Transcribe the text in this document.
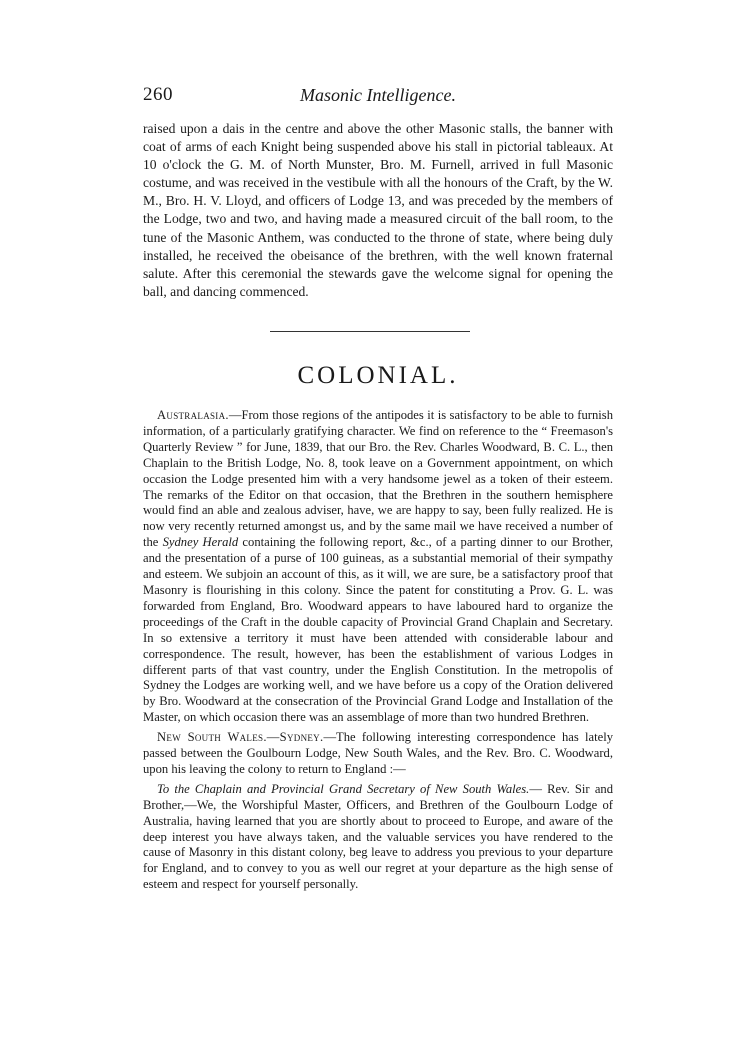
260	Masonic Intelligence.

raised upon a dais in the centre and above the other Masonic stalls, the banner with coat of arms of each Knight being suspended above his stall in pictorial tableaux. At 10 o'clock the G. M. of North Munster, Bro. M. Furnell, arrived in full Masonic costume, and was received in the vestibule with all the honours of the Craft, by the W. M., Bro. H. V. Lloyd, and officers of Lodge 13, and was preceded by the members of the Lodge, two and two, and having made a measured circuit of the ball room, to the tune of the Masonic Anthem, was conducted to the throne of state, where being duly installed, he received the obeisance of the brethren, with the well known fraternal salute. After this ceremonial the stewards gave the welcome signal for opening the ball, and dancing commenced.

COLONIAL.

Australasia.—From those regions of the antipodes it is satisfactory to be able to furnish information, of a particularly gratifying character. We find on reference to the “ Freemason's Quarterly Review ” for June, 1839, that our Bro. the Rev. Charles Woodward, B. C. L., then Chaplain to the British Lodge, No. 8, took leave on a Government appointment, on which occasion the Lodge presented him with a very handsome jewel as a token of their esteem. The remarks of the Editor on that occasion, that the Brethren in the southern hemisphere would find an able and zealous adviser, have, we are happy to say, been fully realized. He is now very recently returned amongst us, and by the same mail we have received a number of the Sydney Herald containing the following report, &c., of a parting dinner to our Brother, and the presentation of a purse of 100 guineas, as a substantial memorial of their sympathy and esteem. We subjoin an account of this, as it will, we are sure, be a satisfactory proof that Masonry is flourishing in this colony. Since the patent for constituting a Prov. G. L. was forwarded from England, Bro. Woodward appears to have laboured hard to organize the proceedings of the Craft in the double capacity of Provincial Grand Chaplain and Secretary. In so extensive a territory it must have been attended with considerable labour and correspondence. The result, however, has been the establishment of various Lodges in different parts of that vast country, under the English Constitution. In the metropolis of Sydney the Lodges are working well, and we have before us a copy of the Oration delivered by Bro. Woodward at the consecration of the Provincial Grand Lodge and Installation of the Master, on which occasion there was an assemblage of more than two hundred Brethren.

New South Wales.—Sydney.—The following interesting correspondence has lately passed between the Goulbourn Lodge, New South Wales, and the Rev. Bro. C. Woodward, upon his leaving the colony to return to England :—

To the Chaplain and Provincial Grand Secretary of New South Wales.— Rev. Sir and Brother,—We, the Worshipful Master, Officers, and Brethren of the Goulbourn Lodge of Australia, having learned that you are shortly about to proceed to Europe, and aware of the deep interest you have always taken, and the valuable services you have rendered to the cause of Masonry in this distant colony, beg leave to address you previous to your departure for England, and to convey to you as well our regret at your departure as the high sense of esteem and respect for yourself personally.
